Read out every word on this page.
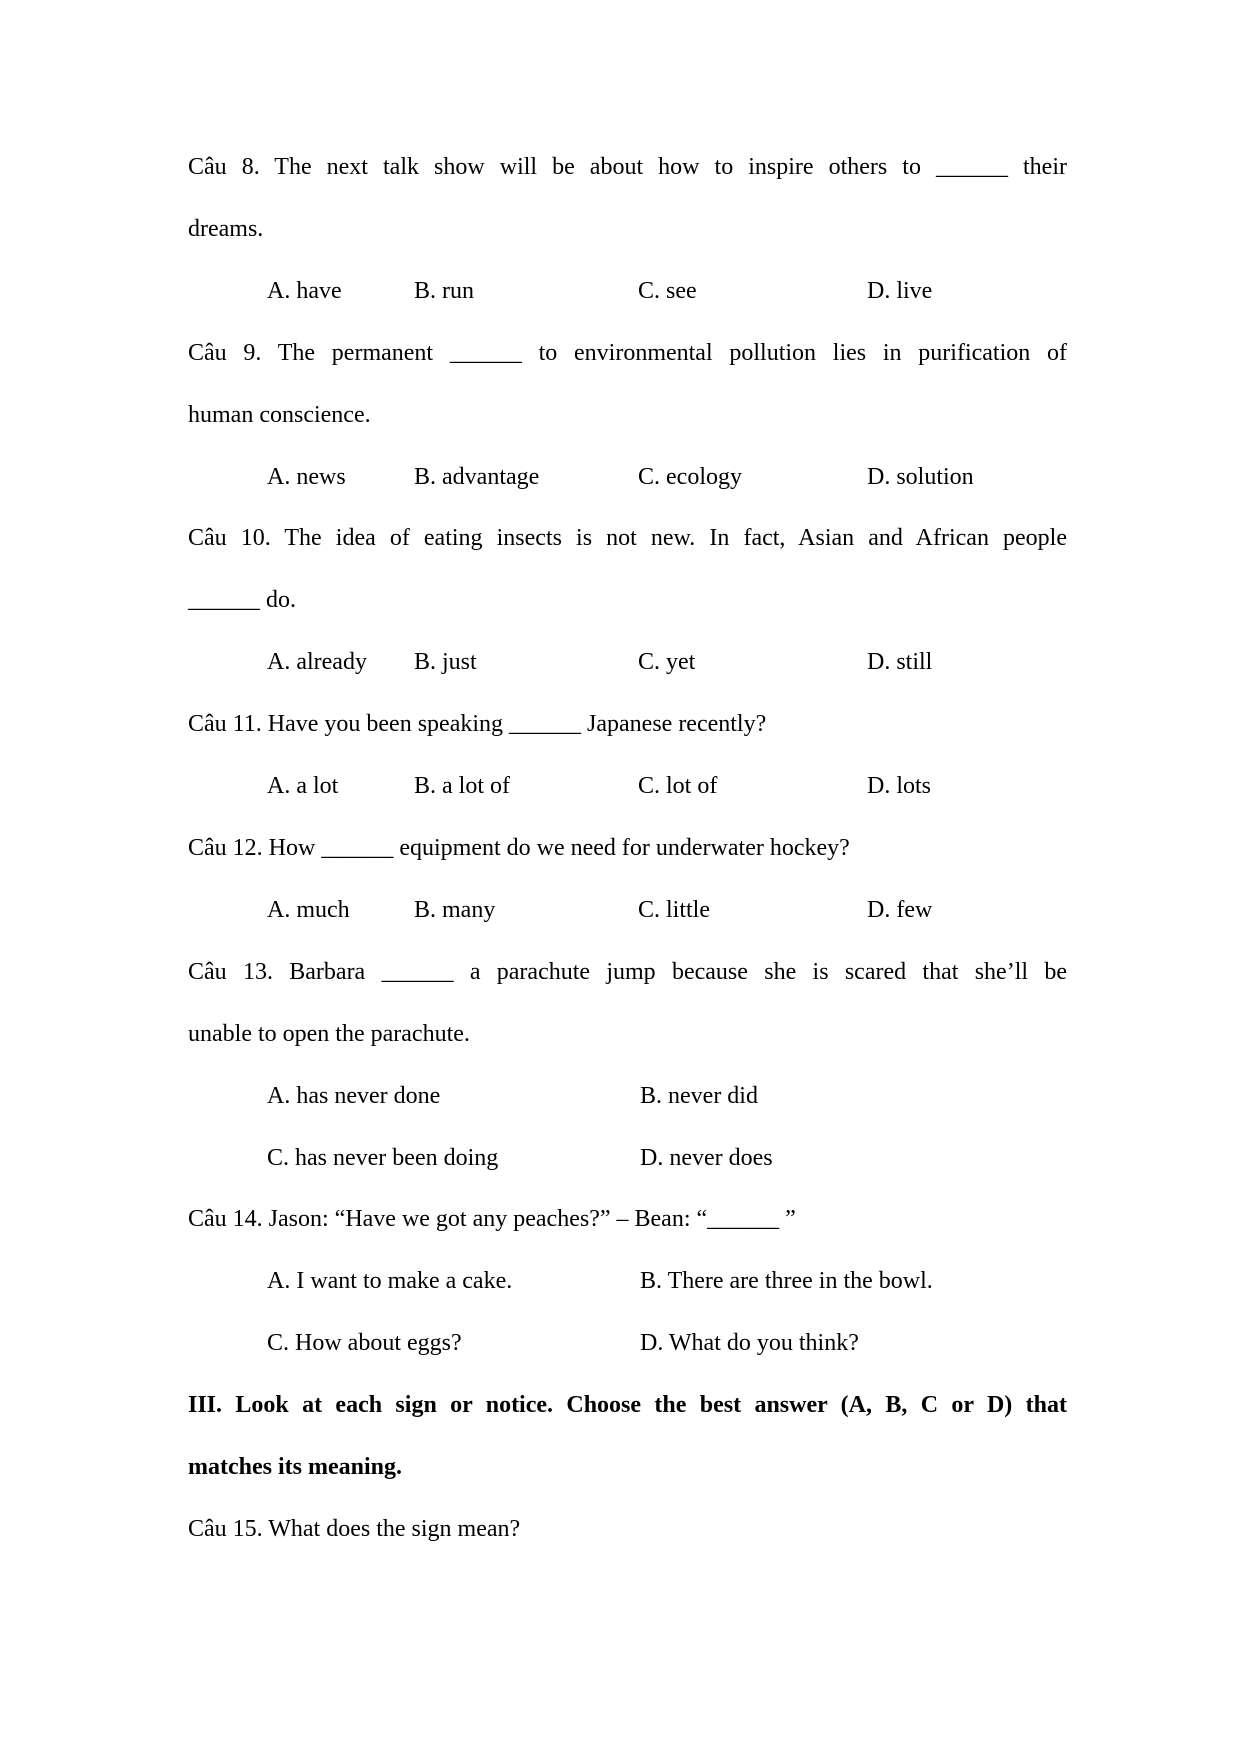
Câu 8. The next talk show will be about how to inspire others to ______ their
dreams.
A. have	B. run	C. see	D. live
Câu 9. The permanent ______ to environmental pollution lies in purification of
human conscience.
A. news	B. advantage	C. ecology	D. solution
Câu 10. The idea of eating insects is not new. In fact, Asian and African people
______ do.
A. already	B. just	C. yet	D. still
Câu 11. Have you been speaking ______ Japanese recently?
A. a lot	B. a lot of	C. lot of	D. lots
Câu 12. How ______ equipment do we need for underwater hockey?
A. much	B. many	C. little	D. few
Câu 13. Barbara ______ a parachute jump because she is scared that she’ll be
unable to open the parachute.
A. has never done	B. never did
C. has never been doing	D. never does
Câu 14. Jason: “Have we got any peaches?” – Bean: “______ ”
A. I want to make a cake.	B. There are three in the bowl.
C. How about eggs?	D. What do you think?
III. Look at each sign or notice. Choose the best answer (A, B, C or D) that
matches its meaning.
Câu 15. What does the sign mean?
